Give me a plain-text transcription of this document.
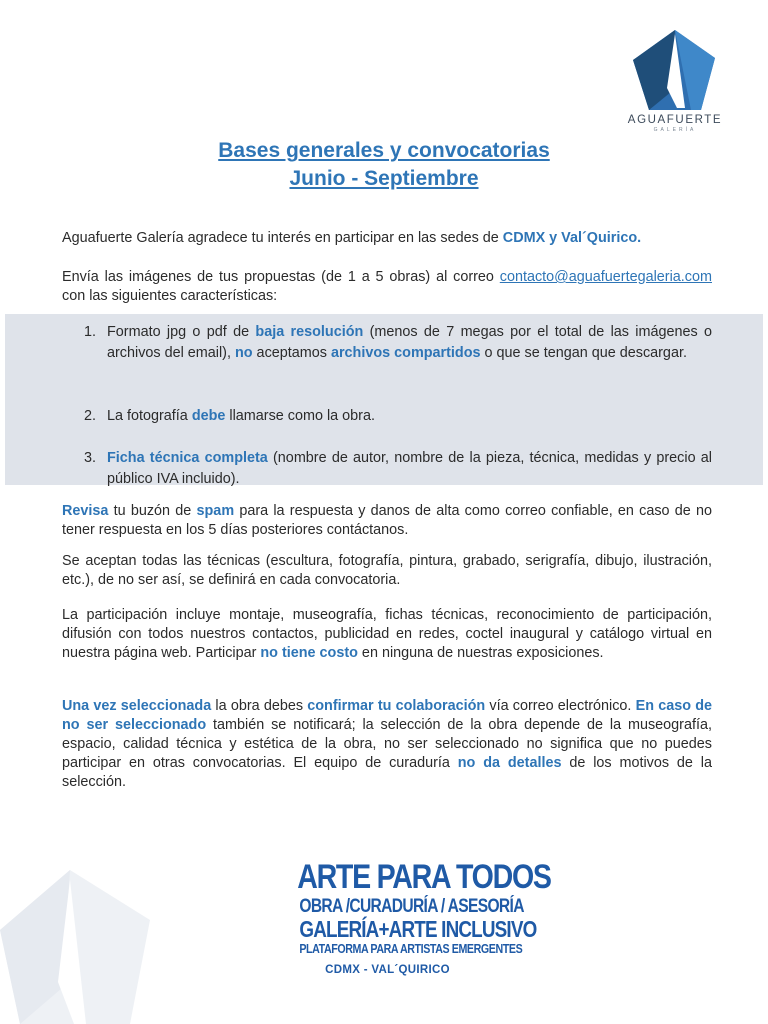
AGUAFUERTE
GALERÍA
Bases generales y convocatorias
Junio - Septiembre
Aguafuerte Galería agradece tu interés en participar en las sedes de CDMX y Val´Quirico.
Envía las imágenes de tus propuestas (de 1 a 5 obras) al correo contacto@aguafuertegaleria.com con las siguientes características:
1. Formato jpg o pdf de baja resolución (menos de 7 megas por el total de las imágenes o archivos del email), no aceptamos archivos compartidos o que se tengan que descargar.
2. La fotografía debe llamarse como la obra.
3. Ficha técnica completa (nombre de autor, nombre de la pieza, técnica, medidas y precio al público IVA incluido).
Revisa tu buzón de spam para la respuesta y danos de alta como correo confiable, en caso de no tener respuesta en los 5 días posteriores contáctanos.
Se aceptan todas las técnicas (escultura, fotografía, pintura, grabado, serigrafía, dibujo, ilustración, etc.), de no ser así, se definirá en cada convocatoria.
La participación incluye montaje, museografía, fichas técnicas, reconocimiento de participación, difusión con todos nuestros contactos, publicidad en redes, coctel inaugural y catálogo virtual en nuestra página web. Participar no tiene costo en ninguna de nuestras exposiciones.
Una vez seleccionada la obra debes confirmar tu colaboración vía correo electrónico. En caso de no ser seleccionado también se notificará; la selección de la obra depende de la museografía, espacio, calidad técnica y estética de la obra, no ser seleccionado no significa que no puedes participar en otras convocatorias. El equipo de curaduría no da detalles de los motivos de la selección.
ARTE PARA TODOS
OBRA /CURADURÍA / ASESORÍA
GALERÍA+ARTE INCLUSIVO
PLATAFORMA PARA ARTISTAS EMERGENTES
CDMX - VAL´QUIRICO
